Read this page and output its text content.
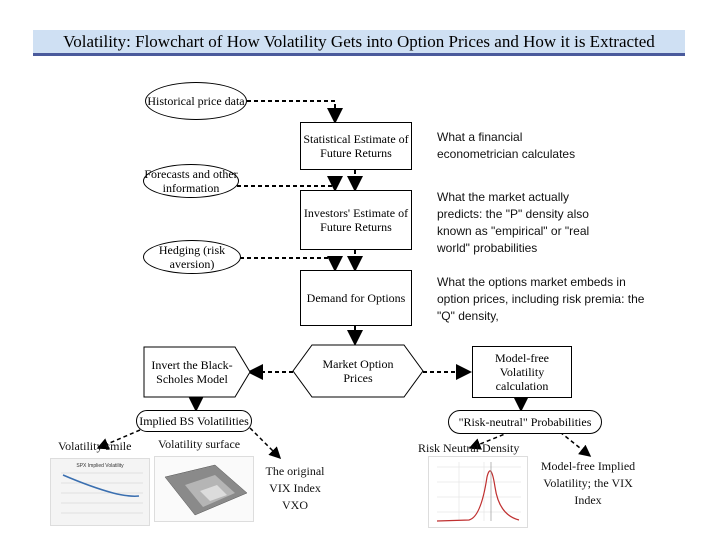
Volatility: Flowchart of How Volatility Gets into Option Prices and How it is Extracted
Historical price data
Forecasts and other information
Hedging (risk aversion)
Statistical Estimate of Future Returns
Investors' Estimate of Future Returns
Demand for Options
Market Option Prices
Invert the Black-Scholes Model
Model-free Volatility calculation
Implied BS Volatilities	"Risk-neutral" Probabilities
What a financial econometrician calculates
What the market actually predicts: the "P" density also known as "empirical" or "real world" probabilities
What the options market embeds in option prices, including risk premia: the "Q" density,
Volatility smile Volatility surface
The original VIX Index VXO
Risk Neutral Density
Model-free Implied Volatility; the VIX Index
SPX Implied Volatility
